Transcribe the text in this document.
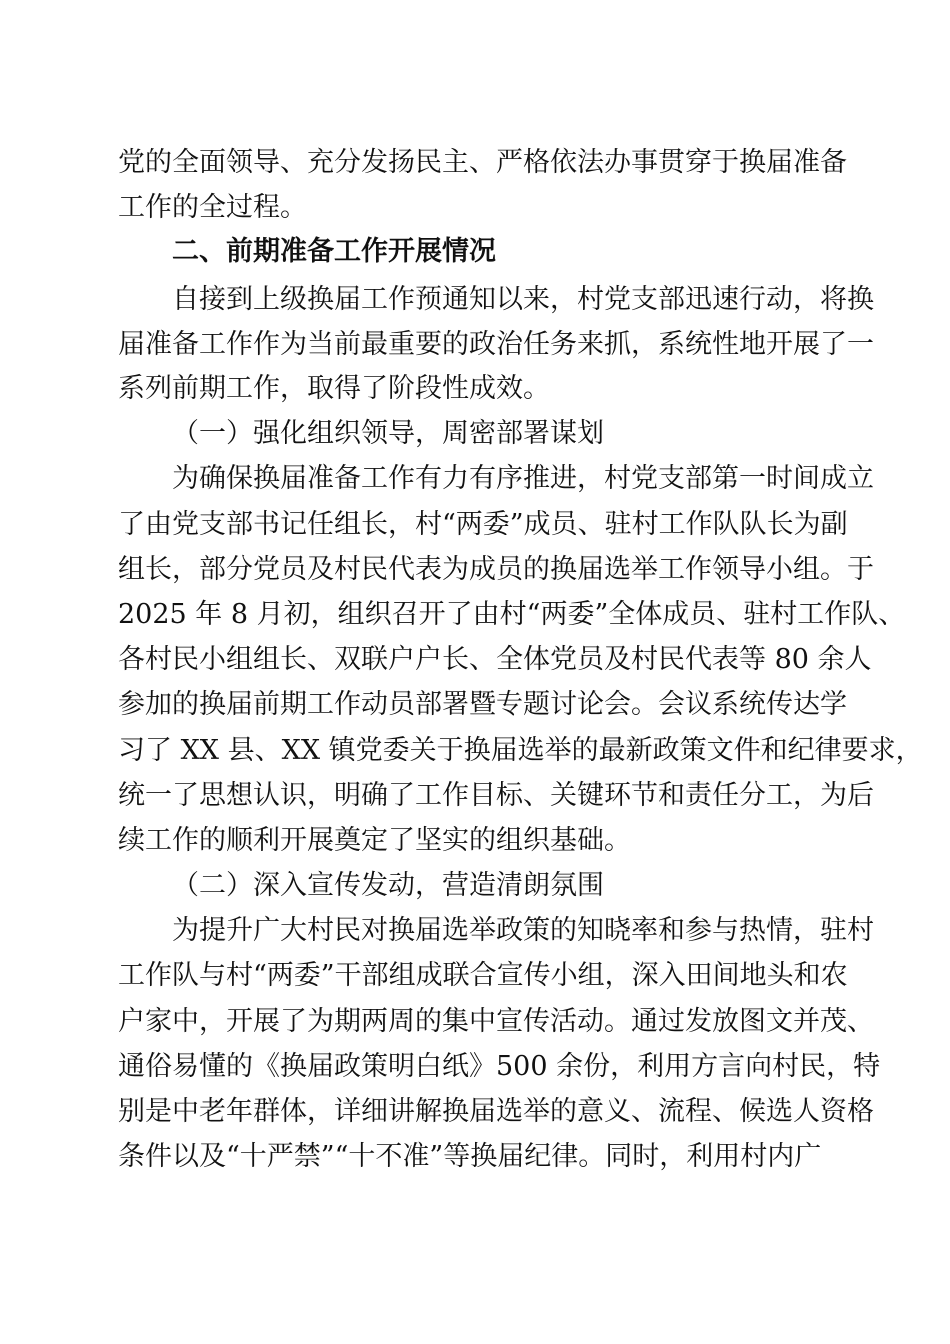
党的全面领导、充分发扬民主、严格依法办事贯穿于换届准备
工作的全过程。
二、前期准备工作开展情况
自接到上级换届工作预通知以来，村党支部迅速行动，将换
届准备工作作为当前最重要的政治任务来抓，系统性地开展了一
系列前期工作，取得了阶段性成效。
（一）强化组织领导，周密部署谋划
为确保换届准备工作有力有序推进，村党支部第一时间成立
了由党支部书记任组长，村“两委”成员、驻村工作队队长为副
组长，部分党员及村民代表为成员的换届选举工作领导小组。于
2025 年 8 月初，组织召开了由村“两委”全体成员、驻村工作队、
各村民小组组长、双联户户长、全体党员及村民代表等 80 余人
参加的换届前期工作动员部署暨专题讨论会。会议系统传达学
习了 XX 县、XX 镇党委关于换届选举的最新政策文件和纪律要求，
统一了思想认识，明确了工作目标、关键环节和责任分工，为后
续工作的顺利开展奠定了坚实的组织基础。
（二）深入宣传发动，营造清朗氛围
为提升广大村民对换届选举政策的知晓率和参与热情，驻村
工作队与村“两委”干部组成联合宣传小组，深入田间地头和农
户家中，开展了为期两周的集中宣传活动。通过发放图文并茂、
通俗易懂的《换届政策明白纸》500 余份，利用方言向村民，特
别是中老年群体，详细讲解换届选举的意义、流程、候选人资格
条件以及“十严禁”“十不准”等换届纪律。同时，利用村内广
